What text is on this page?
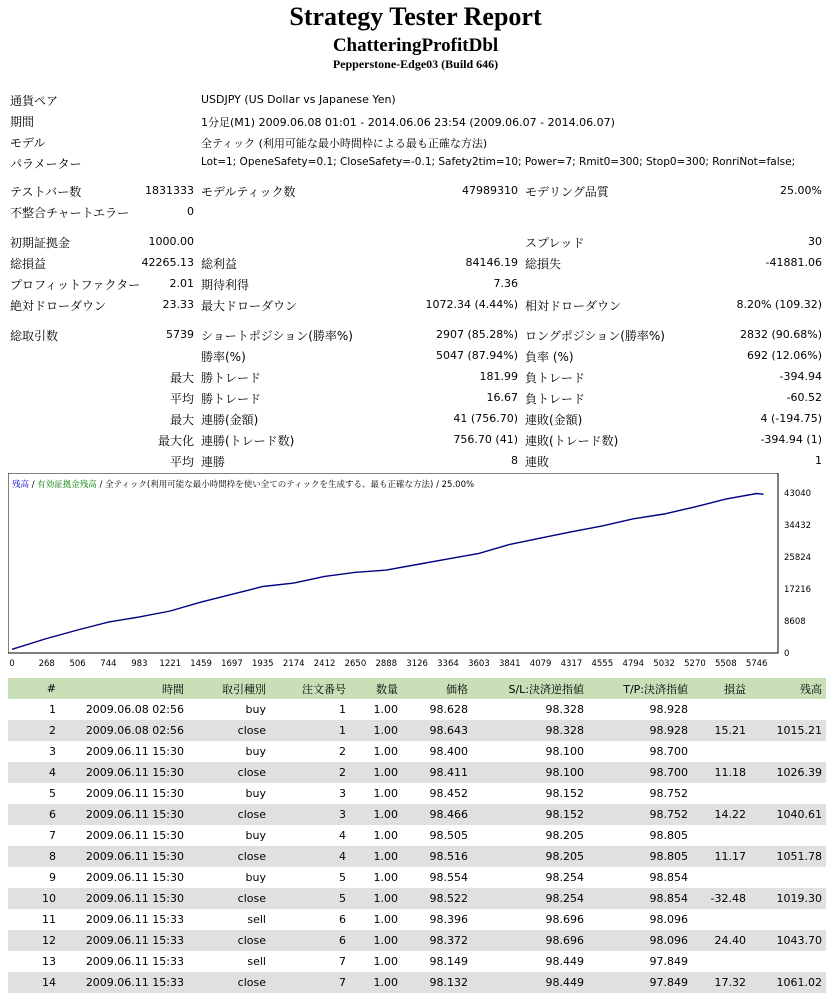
Strategy Tester Report
ChatteringProfitDbl
Pepperstone-Edge03 (Build 646)
通貨ペア	USDJPY (US Dollar vs Japanese Yen)
期間	1分足(M1) 2009.06.08 01:01 - 2014.06.06 23:54 (2009.06.07 - 2014.06.07)
モデル	全ティック (利用可能な最小時間枠による最も正確な方法)
パラメーター	Lot=1; OpeneSafety=0.1; CloseSafety=-0.1; Safety2tim=10; Power=7; Rmit0=300; Stop0=300; RonriNot=false;
テストバー数	1831333 モデルティック数	47989310 モデリング品質	25.00%
不整合チャートエラー	0
初期証拠金	1000.00	スプレッド	30
総損益	42265.13 総利益	84146.19 総損失	-41881.06
プロフィットファクター	2.01 期待利得	7.36
絶対ドローダウン	23.33 最大ドローダウン	1072.34 (4.44%) 相対ドローダウン	8.20% (109.32)
総取引数	5739 ショートポジション(勝率%)	2907 (85.28%) ロングポジション(勝率%)	2832 (90.68%)
勝率(%)	5047 (87.94%) 負率 (%)	692 (12.06%)
最大 勝トレード	181.99 負トレード	-394.94
平均 勝トレード	16.67 負トレード	-60.52
最大 連勝(金額)	41 (756.70) 連敗(金額)	4 (-194.75)
最大化 連勝(トレード数)	756.70 (41) 連敗(トレード数)	-394.94 (1)
平均 連勝	8 連敗	1
残高 / 有効証拠金残高 / 全ティック(利用可能な最小時間枠を使い全てのティックを生成する、最も正確な方法) / 25.00%
43040
34432
25824
17216
8608
0
0	268 506 744 983 1221 1459 1697 1935 2174 2412 2650 2888 3126 3364 3603 3841 4079 4317 4555 4794 5032 5270 5508 5746
#	時間	取引種別	注文番号	数量	価格	S/L:決済逆指値	T/P:決済指値	損益	残高
1	2009.06.08 02:56	buy	1	1.00	98.628	98.328	98.928		
2	2009.06.08 02:56	close	1	1.00	98.643	98.328	98.928	15.21	1015.21
3	2009.06.11 15:30	buy	2	1.00	98.400	98.100	98.700		
4	2009.06.11 15:30	close	2	1.00	98.411	98.100	98.700	11.18	1026.39
5	2009.06.11 15:30	buy	3	1.00	98.452	98.152	98.752		
6	2009.06.11 15:30	close	3	1.00	98.466	98.152	98.752	14.22	1040.61
7	2009.06.11 15:30	buy	4	1.00	98.505	98.205	98.805		
8	2009.06.11 15:30	close	4	1.00	98.516	98.205	98.805	11.17	1051.78
9	2009.06.11 15:30	buy	5	1.00	98.554	98.254	98.854		
10	2009.06.11 15:30	close	5	1.00	98.522	98.254	98.854	-32.48	1019.30
11	2009.06.11 15:33	sell	6	1.00	98.396	98.696	98.096		
12	2009.06.11 15:33	close	6	1.00	98.372	98.696	98.096	24.40	1043.70
13	2009.06.11 15:33	sell	7	1.00	98.149	98.449	97.849		
14	2009.06.11 15:33	close	7	1.00	98.132	98.449	97.849	17.32	1061.02
